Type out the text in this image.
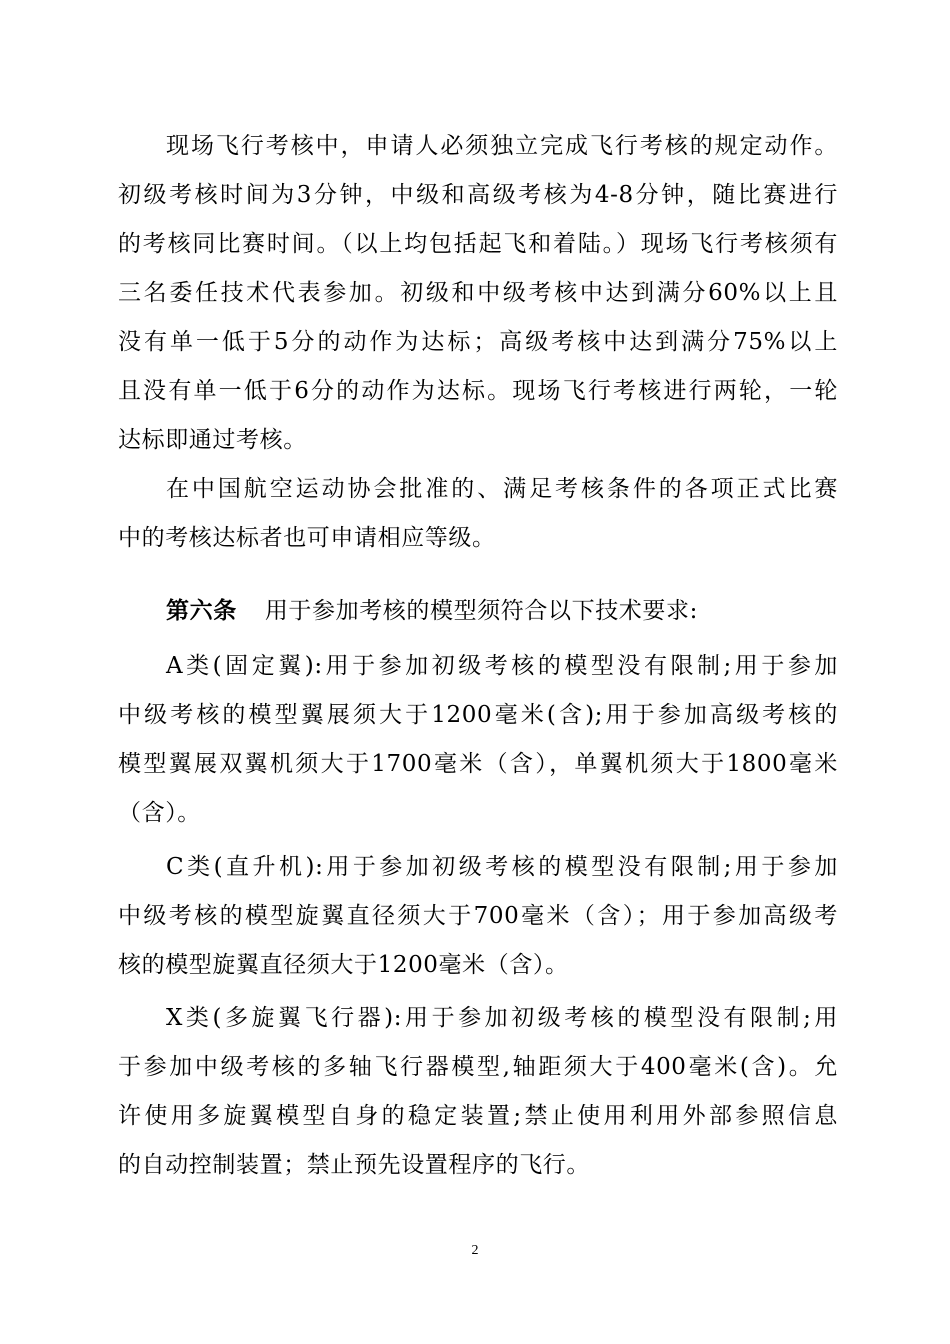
现场飞行考核中，申请人必须独立完成飞行考核的规定动作。
初级考核时间为3分钟，中级和高级考核为4-8分钟，随比赛进行
的考核同比赛时间。（以上均包括起飞和着陆。）现场飞行考核须有
三名委任技术代表参加。初级和中级考核中达到满分60%以上且
没有单一低于5分的动作为达标；高级考核中达到满分75%以上
且没有单一低于6分的动作为达标。现场飞行考核进行两轮，一轮
达标即通过考核。
在中国航空运动协会批准的、满足考核条件的各项正式比赛
中的考核达标者也可申请相应等级。
第六条 用于参加考核的模型须符合以下技术要求:
A类(固定翼):用于参加初级考核的模型没有限制;用于参加
中级考核的模型翼展须大于1200毫米(含);用于参加高级考核的
模型翼展双翼机须大于1700毫米（含），单翼机须大于1800毫米
（含）。
C类(直升机):用于参加初级考核的模型没有限制;用于参加
中级考核的模型旋翼直径须大于700毫米（含）；用于参加高级考
核的模型旋翼直径须大于1200毫米（含）。
X类(多旋翼飞行器):用于参加初级考核的模型没有限制;用
于参加中级考核的多轴飞行器模型,轴距须大于400毫米(含)。允
许使用多旋翼模型自身的稳定装置;禁止使用利用外部参照信息
的自动控制装置；禁止预先设置程序的飞行。
2
